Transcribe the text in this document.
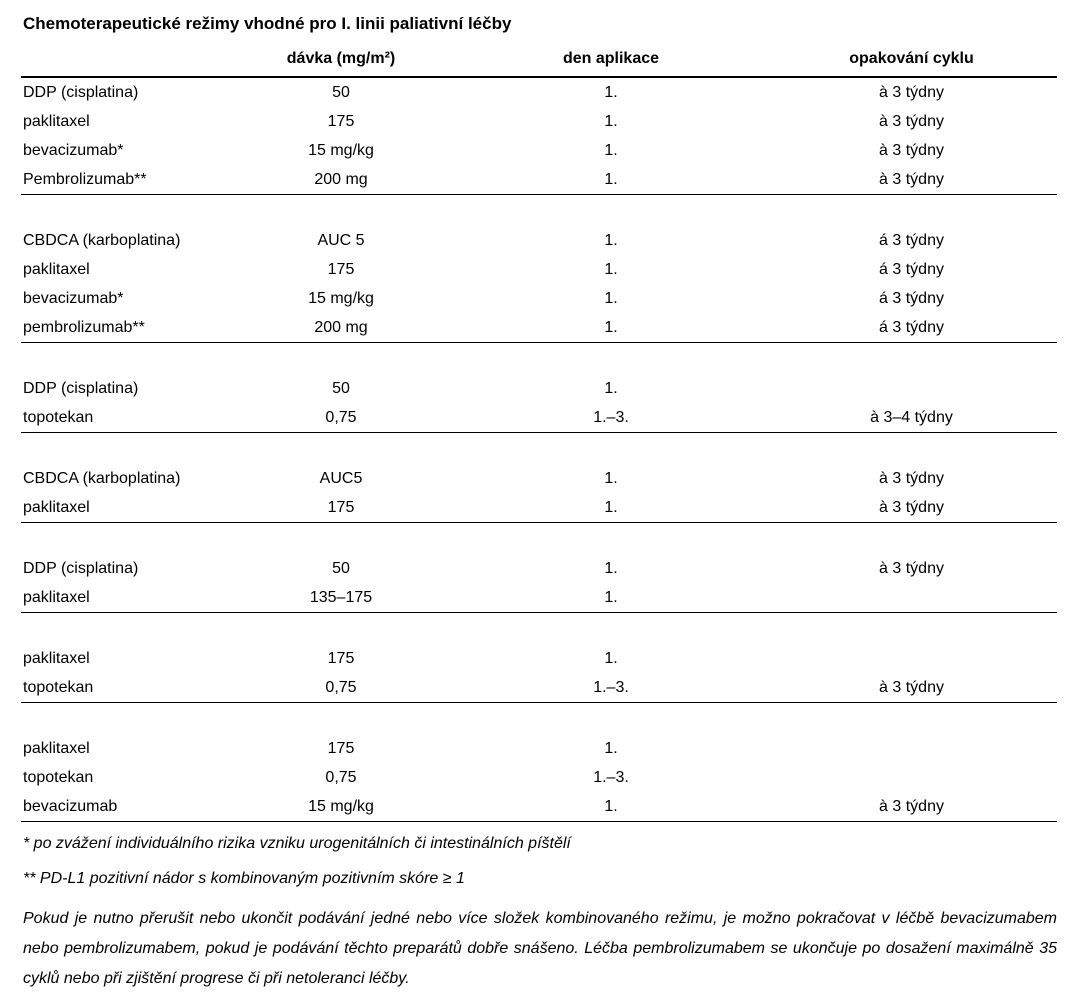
Chemoterapeutické režimy vhodné pro I. linii paliativní léčby
	dávka (mg/m²)	den aplikace	opakování cyklu
DDP (cisplatina)	50	1.	à 3 týdny
paklitaxel	175	1.	à 3 týdny
bevacizumab*	15 mg/kg	1.	à 3 týdny
Pembrolizumab**	200 mg	1.	à 3 týdny

CBDCA (karboplatina)	AUC 5	1.	á 3 týdny
paklitaxel	175	1.	á 3 týdny
bevacizumab*	15 mg/kg	1.	á 3 týdny
pembrolizumab**	200 mg	1.	á 3 týdny

DDP (cisplatina)	50	1.	
topotekan	0,75	1.–3.	à 3–4 týdny

CBDCA (karboplatina)	AUC5	1.	à 3 týdny
paklitaxel	175	1.	à 3 týdny

DDP (cisplatina)	50	1.	à 3 týdny
paklitaxel	135–175	1.	

paklitaxel	175	1.	
topotekan	0,75	1.–3.	à 3 týdny

paklitaxel	175	1.	
topotekan	0,75	1.–3.	
bevacizumab	15 mg/kg	1.	à 3 týdny

* po zvážení individuálního rizika vzniku urogenitálních či intestinálních píštělí

** PD-L1 pozitivní nádor s kombinovaným pozitivním skóre ≥ 1

Pokud je nutno přerušit nebo ukončit podávání jedné nebo více složek kombinovaného režimu, je možno pokračovat v léčbě bevacizumabem nebo pembrolizumabem, pokud je podávání těchto preparátů dobře snášeno. Léčba pembrolizumabem se ukončuje po dosažení maximálně 35 cyklů nebo při zjištění progrese či při netoleranci léčby.
